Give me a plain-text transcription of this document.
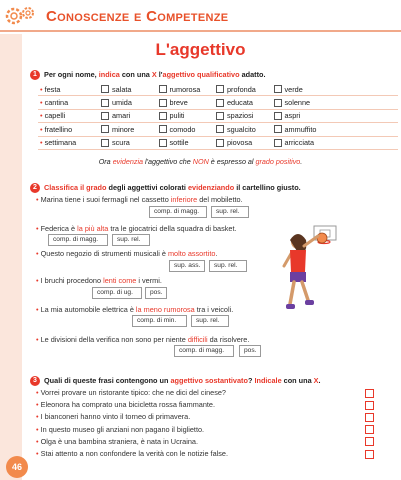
Conoscenze e Competenze
46
L'aggettivo
1 Per ogni nome, indica con una X l'aggettivo qualificativo adatto.
• festa	salata	rumorosa	profonda	verde
• cantina	umida	breve	educata	solenne
• capelli	amari	puliti	spaziosi	aspri
• fratellino	minore	comodo	sgualcito	ammuffito
• settimana	scura	sottile	piovosa	arricciata
Ora evidenzia l'aggettivo che NON è espresso al grado positivo.
2 Classifica il grado degli aggettivi colorati evidenziando il cartellino giusto.
• Marina tiene i suoi fermagli nel cassetto inferiore del mobiletto.
comp. di magg.	sup. rel.
• Federica è la più alta tra le giocatrici della squadra di basket.
comp. di magg.	sup. rel.
• Questo negozio di strumenti musicali è molto assortito.
sup. ass.	sup. rel.
• I bruchi procedono lenti come i vermi.
comp. di ug.	pos.
• La mia automobile elettrica è la meno rumorosa tra i veicoli.
comp. di min.	sup. rel.
• Le divisioni della verifica non sono per niente difficili da risolvere.
comp. di magg.	pos.
3 Quali di queste frasi contengono un aggettivo sostantivato? Indicale con una X.
• Vorrei provare un ristorante tipico: che ne dici del cinese?
• Eleonora ha comprato una bicicletta rossa fiammante.
• I bianconeri hanno vinto il torneo di primavera.
• In questo museo gli anziani non pagano il biglietto.
• Olga è una bambina straniera, è nata in Ucraina.
• Stai attento a non confondere la verità con le notizie false.
